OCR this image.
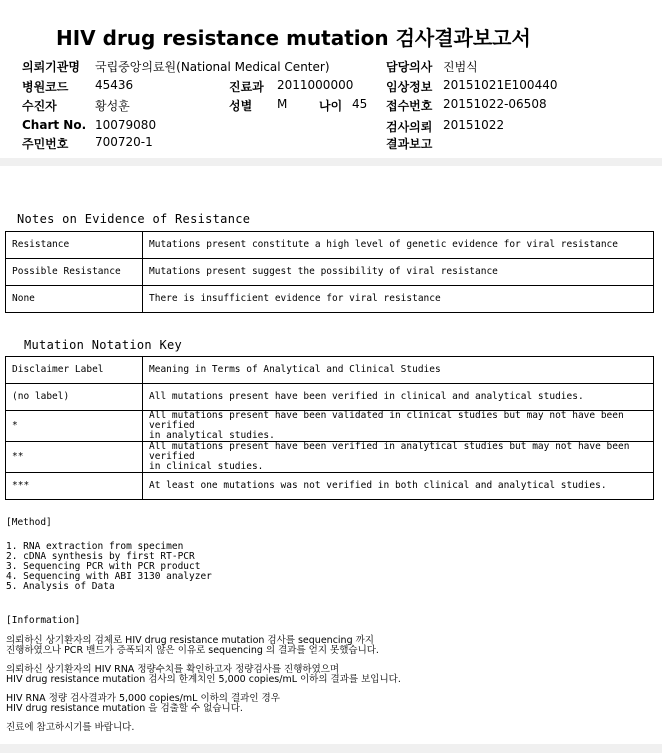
HIV drug resistance mutation 검사결과보고서
의뢰기관명 국립중앙의료원(National Medical Center)
병원코드 45436
수진자	황성훈
Chart No. 10079080
주민번호 700720-1
진료과 2011000000
성별 M	나이 45
담당의사 진범식
임상정보 20151021E100440
접수번호 20151022-06508
검사의뢰 20151022
결과보고
Notes on Evidence of Resistance
Resistance	Mutations present constitute a high level of genetic evidence for viral resistance
Possible Resistance	Mutations present suggest the possibility of viral resistance
None	There is insufficient evidence for viral resistance
Mutation Notation Key
Disclaimer Label	Meaning in Terms of Analytical and Clinical Studies

(no label)	All mutations present have been verified in clinical and analytical studies.

*	All mutations present have been validated in clinical studies but may not have been verified
in analytical studies.

**	All mutations present have been verified in analytical studies but may not have been verified
in clinical studies.

***	At least one mutations was not verified in both clinical and analytical studies.
[Method]
1. RNA extraction from specimen
2. cDNA synthesis by first RT-PCR
3. Sequencing PCR with PCR product
4. Sequencing with ABI 3130 analyzer
5. Analysis of Data
[Information]
의뢰하신 상기환자의 검체로 HIV drug resistance mutation 검사를 sequencing 까지
진행하였으나 PCR 밴드가 증폭되지 않은 이유로 sequencing 의 결과를 얻지 못했습니다.
의뢰하신 상기환자의 HIV RNA 정량수치를 확인하고자 정량검사를 진행하였으며
HIV drug resistance mutation 검사의 한계치인 5,000 copies/mL 이하의 결과를 보입니다.
HIV RNA 정량 검사결과가 5,000 copies/mL 이하의 결과인 경우
HIV drug resistance mutation 을 검출할 수 없습니다.
진료에 참고하시기를 바랍니다.
